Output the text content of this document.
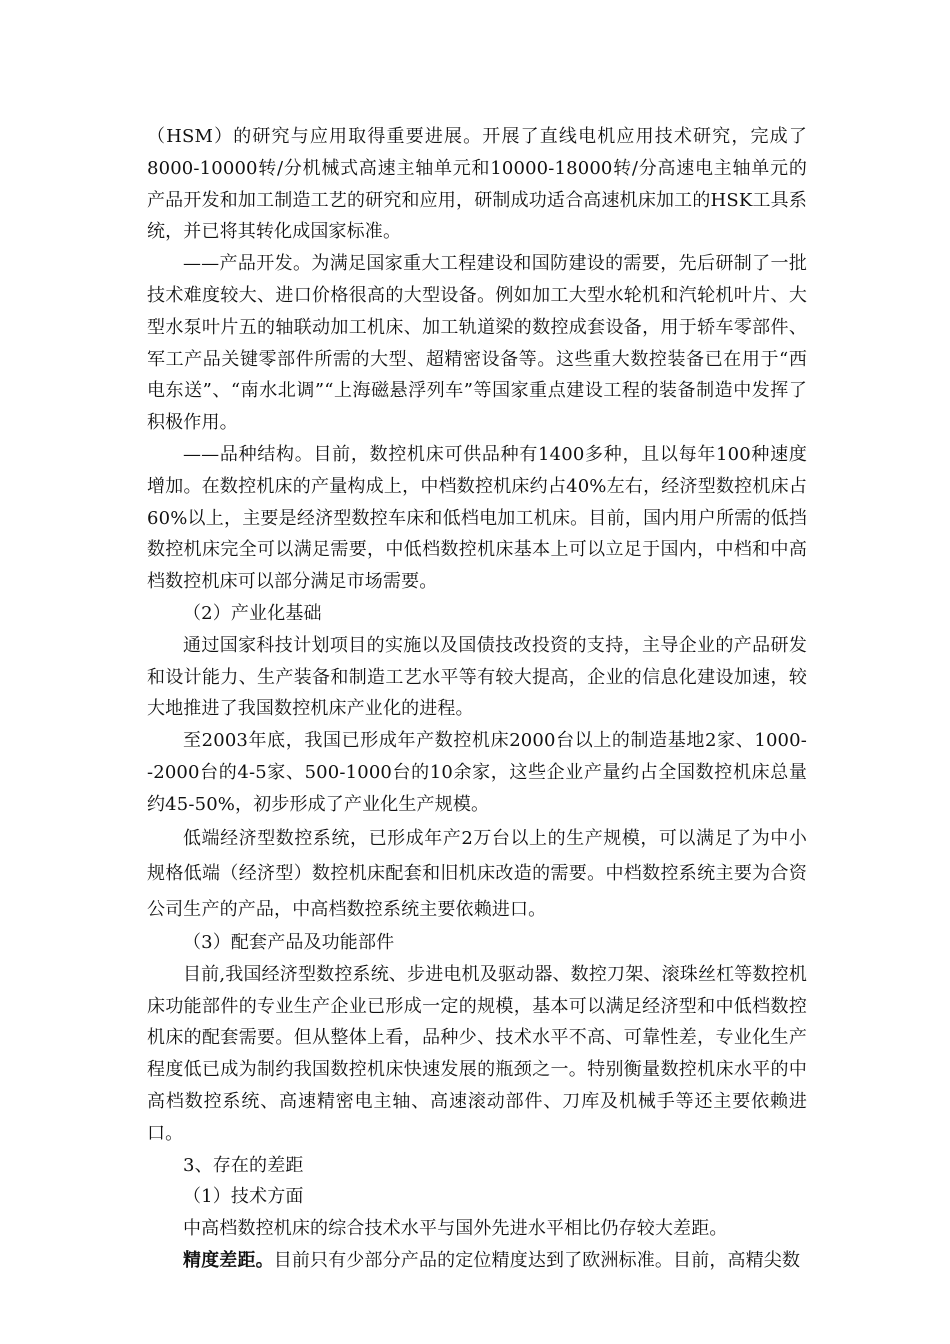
（HSM）的研究与应用取得重要进展。开展了直线电机应用技术研究，完成了8000-10000转/分机械式高速主轴单元和10000-18000转/分高速电主轴单元的产品开发和加工制造工艺的研究和应用，研制成功适合高速机床加工的HSK工具系统，并已将其转化成国家标准。

——产品开发。为满足国家重大工程建设和国防建设的需要，先后研制了一批技术难度较大、进口价格很高的大型设备。例如加工大型水轮机和汽轮机叶片、大型水泵叶片五的轴联动加工机床、加工轨道梁的数控成套设备，用于轿车零部件、军工产品关键零部件所需的大型、超精密设备等。这些重大数控装备已在用于“西电东送”、“南水北调”“上海磁悬浮列车”等国家重点建设工程的装备制造中发挥了积极作用。

——品种结构。目前，数控机床可供品种有1400多种，且以每年100种速度增加。在数控机床的产量构成上，中档数控机床约占40%左右，经济型数控机床占60%以上，主要是经济型数控车床和低档电加工机床。目前，国内用户所需的低挡数控机床完全可以满足需要，中低档数控机床基本上可以立足于国内，中档和中高档数控机床可以部分满足市场需要。

（2）产业化基础

通过国家科技计划项目的实施以及国债技改投资的支持，主导企业的产品研发和设计能力、生产装备和制造工艺水平等有较大提高，企业的信息化建设加速，较大地推进了我国数控机床产业化的进程。

至2003年底，我国已形成年产数控机床2000台以上的制造基地2家、1000--2000台的4-5家、500-1000台的10余家，这些企业产量约占全国数控机床总量约45-50%，初步形成了产业化生产规模。

低端经济型数控系统，已形成年产2万台以上的生产规模，可以满足了为中小规格低端（经济型）数控机床配套和旧机床改造的需要。中档数控系统主要为合资公司生产的产品，中高档数控系统主要依赖进口。

（3）配套产品及功能部件

目前,我国经济型数控系统、步进电机及驱动器、数控刀架、滚珠丝杠等数控机床功能部件的专业生产企业已形成一定的规模，基本可以满足经济型和中低档数控机床的配套需要。但从整体上看，品种少、技术水平不高、可靠性差，专业化生产程度低已成为制约我国数控机床快速发展的瓶颈之一。特别衡量数控机床水平的中高档数控系统、高速精密电主轴、高速滚动部件、刀库及机械手等还主要依赖进口。

3、存在的差距

（1）技术方面

中高档数控机床的综合技术水平与国外先进水平相比仍存较大差距。

精度差距。目前只有少部分产品的定位精度达到了欧洲标准。目前，高精尖数
